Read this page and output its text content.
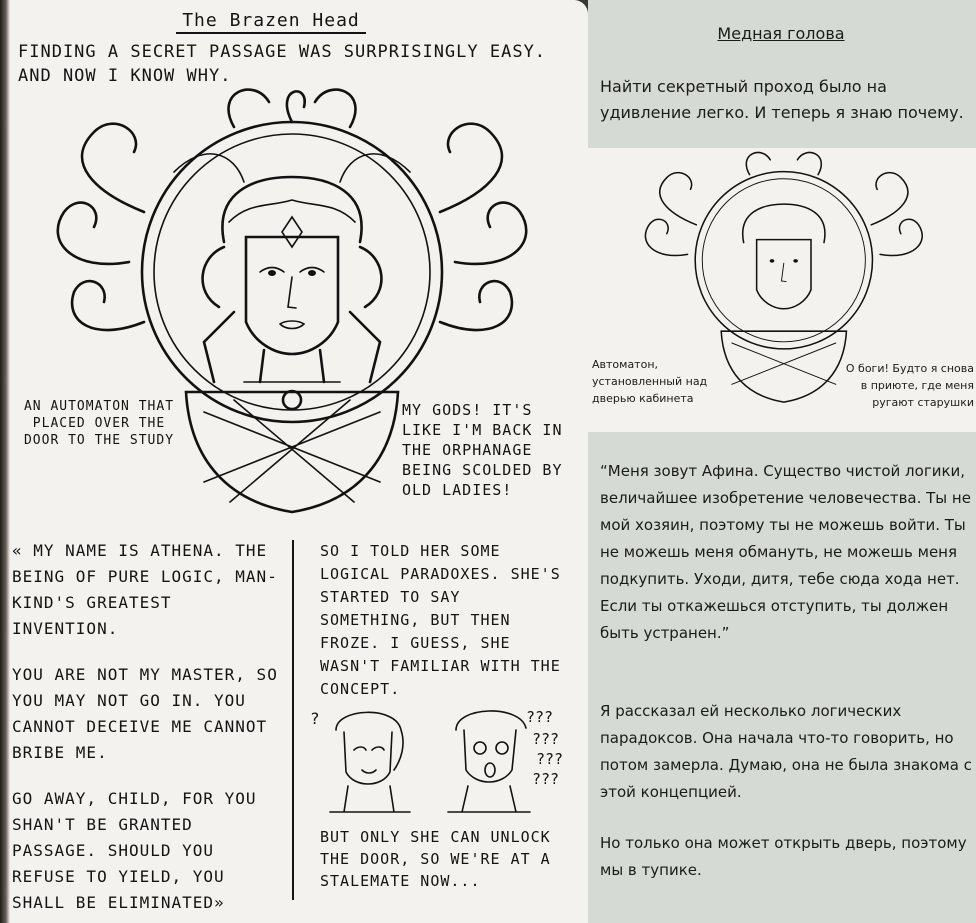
The Brazen Head
FINDING A SECRET PASSAGE WAS SURPRISINGLY EASY. AND NOW I KNOW WHY.
AN AUTOMATON THAT PLACED OVER THE DOOR TO THE STUDY
MY GODS! IT'S LIKE I'M BACK IN THE ORPHANAGE BEING SCOLDED BY OLD LADIES!

« MY NAME IS ATHENA. THE BEING OF PURE LOGIC, MAN-KIND'S GREATEST INVENTION.

YOU ARE NOT MY MASTER, SO YOU MAY NOT GO IN. YOU CANNOT DECEIVE ME CANNOT BRIBE ME.

GO AWAY, CHILD, FOR YOU SHAN'T BE GRANTED PASSAGE. SHOULD YOU REFUSE TO YIELD, YOU SHALL BE ELIMINATED»

SO I TOLD HER SOME LOGICAL PARADOXES. SHE'S STARTED TO SAY SOMETHING, BUT THEN FROZE. I GUESS, SHE WASN'T FAMILIAR WITH THE CONCEPT.
?	???
???
???
???
BUT ONLY SHE CAN UNLOCK THE DOOR, SO WE'RE AT A STALEMATE NOW...
Медная голова
Найти секретный проход было на удивление легко. И теперь я знаю почему.
Автоматон, установленный над дверью кабинета
О боги! Будто я снова в приюте, где меня ругают старушки
“Меня зовут Афина. Существо чистой логики, величайшее изобретение человечества. Ты не мой хозяин, поэтому ты не можешь войти. Ты не можешь меня обмануть, не можешь меня подкупить. Уходи, дитя, тебе сюда хода нет. Если ты откажешься отступить, ты должен быть устранен.”
Я рассказал ей несколько логических парадоксов. Она начала что-то говорить, но потом замерла. Думаю, она не была знакома с этой концепцией.
Но только она может открыть дверь, поэтому мы в тупике.
